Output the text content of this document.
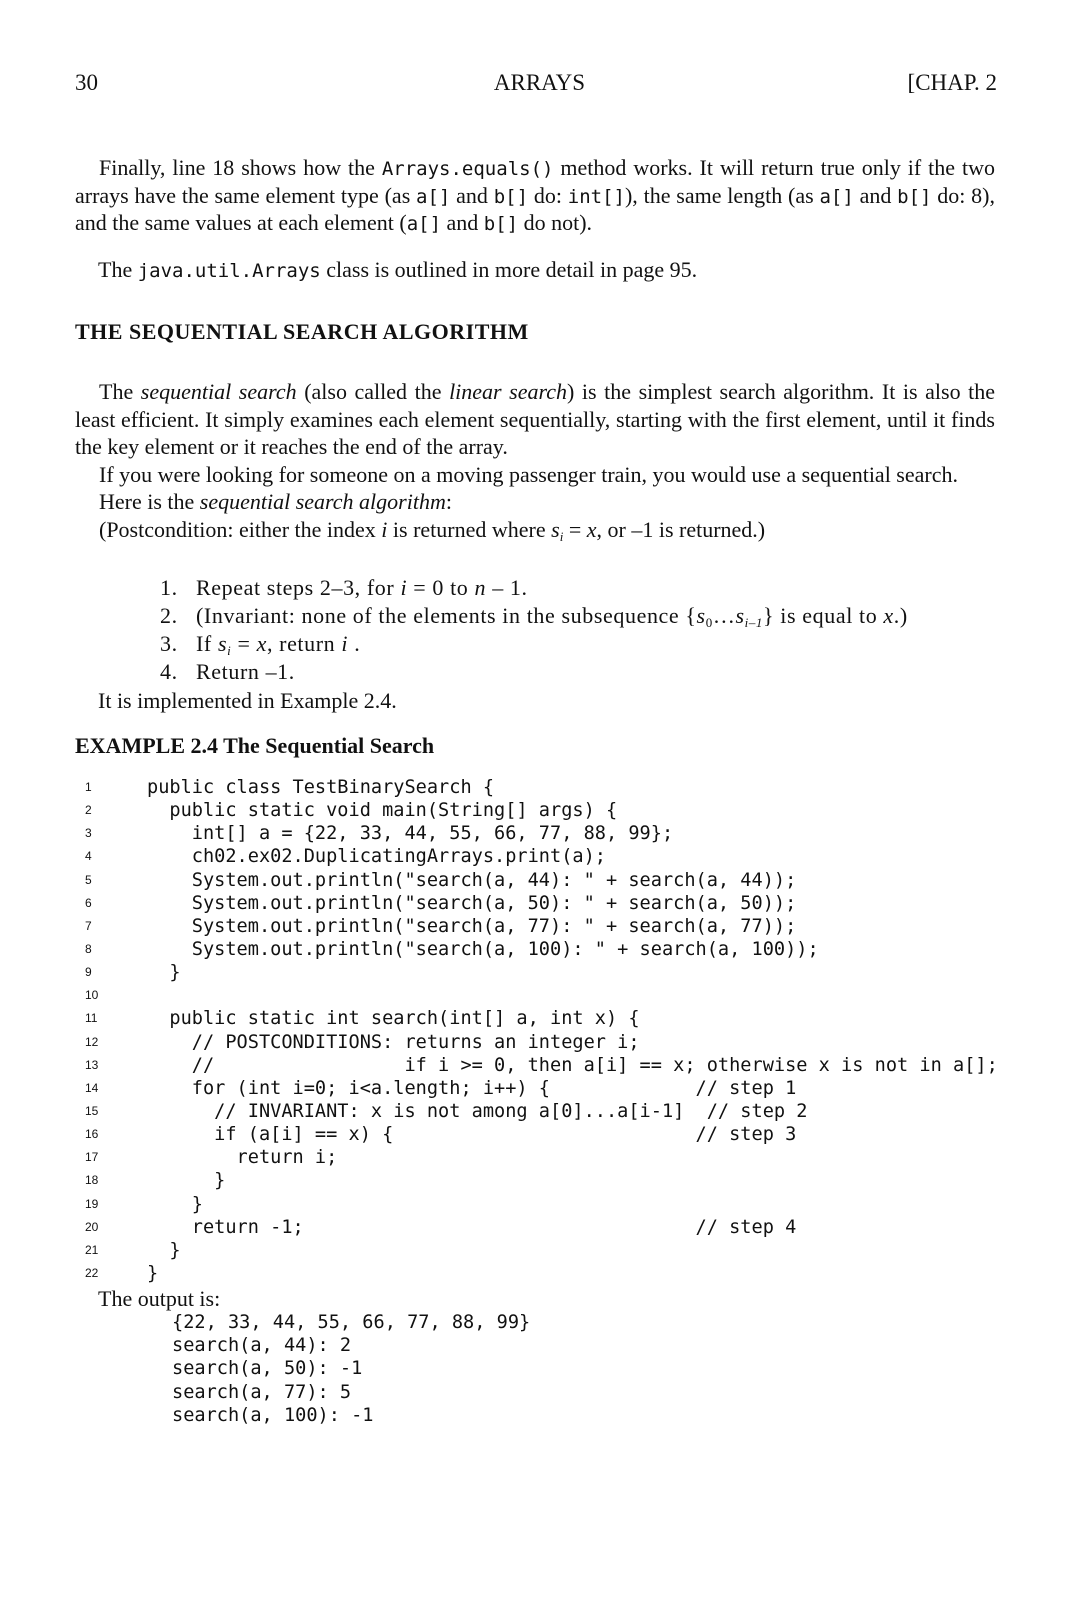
30	ARRAYS	[CHAP. 2

Finally, line 18 shows how the Arrays.equals() method works. It will return true only if the two arrays have the same element type (as a[] and b[] do: int[]), the same length (as a[] and b[] do: 8), and the same values at each element (a[] and b[] do not).

The java.util.Arrays class is outlined in more detail in page 95.
THE SEQUENTIAL SEARCH ALGORITHM

The sequential search (also called the linear search) is the simplest search algorithm. It is also the least efficient. It simply examines each element sequentially, starting with the first element, until it finds the key element or it reaches the end of the array.

If you were looking for someone on a moving passenger train, you would use a sequential search.

Here is the sequential search algorithm:

(Postcondition: either the index i is returned where $s_i = x$, or –1 is returned.)

1. Repeat steps 2–3, for i = 0 to n – 1.
2. (Invariant: none of the elements in the subsequence $\{s_0\dots s_{i-1}\}$ is equal to x.)
3. If $s_i = x$, return i .
4. Return –1.
It is implemented in Example 2.4.
EXAMPLE 2.4 The Sequential Search
1	public class TestBinarySearch {
2	public static void main(String[] args) {
3	int[] a = {22, 33, 44, 55, 66, 77, 88, 99};
4	ch02.ex02.DuplicatingArrays.print(a);
5	System.out.println("search(a, 44): " + search(a, 44));
6	System.out.println("search(a, 50): " + search(a, 50));
7	System.out.println("search(a, 77): " + search(a, 77));
8	System.out.println("search(a, 100): " + search(a, 100));
9	}
10
11	public static int search(int[] a, int x) {
12	// POSTCONDITIONS: returns an integer i;
13	//                 if i >= 0, then a[i] == x; otherwise x is not in a[];
14	for (int i=0; i<a.length; i++) {             // step 1
15	// INVARIANT: x is not among a[0]...a[i-1]  // step 2
16	if (a[i] == x) {                           // step 3
17	return i;
18	}
19	}
20	return -1;                                   // step 4
21	}
22	}
The output is:
{22, 33, 44, 55, 66, 77, 88, 99}
search(a, 44): 2
search(a, 50): -1
search(a, 77): 5
search(a, 100): -1
